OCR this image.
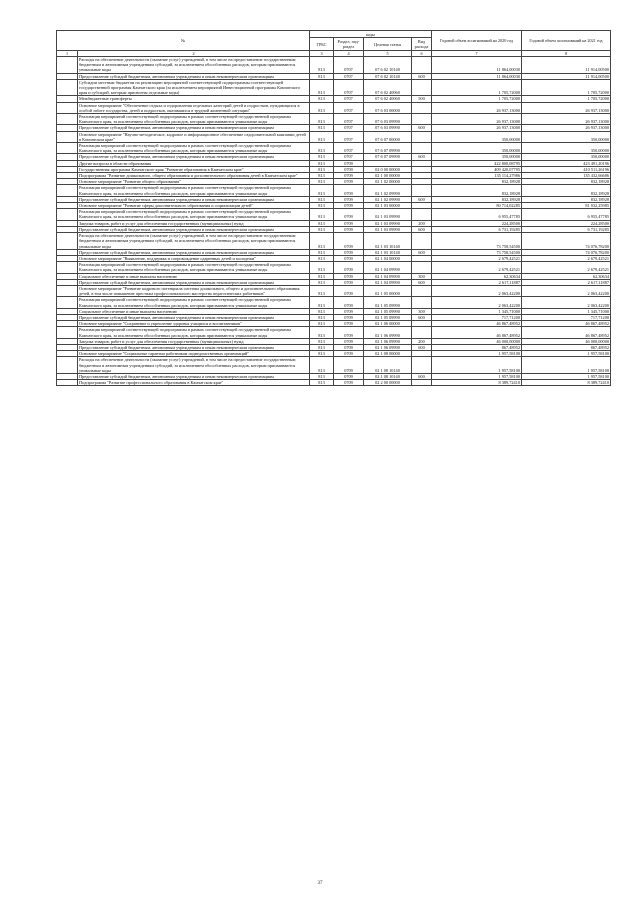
№		коды				Годовой объем ассигнований на 2020 год	Годовой объем ассигнований на 2021 год
		ГРБС	Раздел, под-раздел	Целевая статья	Вид расхода		
1	2	3	4	5	6	7	8
	Расходы на обеспечение деятельности (оказание услуг) учреждений, в том числе на предоставление государственным бюджетным и автономным учреждениям субсидий, за исключением обособленных расходов, которым присваиваются уникальные коды	813	0707	07 6 02 10140		11 864,00030	11 914,00500
	Предоставление субсидий бюджетным, автономным учреждениям и иным некоммерческим организациям	813	0707	07 6 02 10140	600	11 864,00030	11 914,00500
	Субсидии местным бюджетам на реализацию мероприятий соответствующей подпрограммы соответствующей государственной программы Камчатского края (за исключением мероприятий Инвестиционной программы Камчатского края и субсидий, которым присвоены отдельные коды)	813	0707	07 6 02 40060		1 705,72000	1 705,72000
	Межбюджетные трансферты	813	0707	07 6 02 40060	500	1 705,72000	1 705,72000
	Основное мероприятие "Обеспечение отдыха и оздоровления отдельных категорий детей и подростков, нуждающихся в особой заботе государства, детей и подростков, оказавшихся в трудной жизненной ситуации"	813	0707	07 6 03 00000		26 937,13000	26 937,13000
	Реализация мероприятий соответствующей подпрограммы в рамках соответствующей государственной программы Камчатского края, за исключением обособленных расходов, которым присваиваются уникальные коды	813	0707	07 6 03 09990		26 937,13000	26 937,13000
	Предоставление субсидий бюджетным, автономным учреждениям и иным некоммерческим организациям	813	0707	07 6 03 09990	600	26 937,13000	26 937,13000
	Основное мероприятие "Научно-методическое, кадровое и информационное обеспечение оздоровительной кампании детей в Камчатском крае"	813	0707	07 6 07 00000		350,00000	350,00000
	Реализация мероприятий соответствующей подпрограммы в рамках соответствующей государственной программы Камчатского края, за исключением обособленных расходов, которым присваиваются уникальные коды	813	0707	07 6 07 09990		350,00000	350,00000
	Предоставление субсидий бюджетным, автономным учреждениям и иным некоммерческим организациям	813	0707	07 6 07 09990	600	350,00000	350,00000
	Другие вопросы в области образования	813	0709			422 800,08795	423 491,20196
	Государственная программа Камчатского края "Развитие образования в Камчатском крае"	813	0709	02 0 00 00000		409 420,07795	410 511,26196
	Подпрограмма "Развитие дошкольного, общего образования и дополнительного образования детей в Камчатском крае"	813	0709	02 1 00 00000		135 114,27986	135 432,66686
	Основное мероприятие "Развитие общего образования"	813	0709	02 1 02 00000		832,18928	832,18928
	Реализация мероприятий соответствующей подпрограммы в рамках соответствующей государственной программы Камчатского края, за исключением обособленных расходов, которым присваиваются уникальные коды	813	0709	02 1 02 09990		832,18928	832,18928
	Предоставление субсидий бюджетным, автономным учреждениям и иным некоммерческим организациям	813	0709	02 1 02 09990	600	832,18928	832,18928
	Основное мероприятие "Развитие сферы дополнительного образования и социализации детей"	813	0709	02 1 03 00000		80 714,02285	81 032,25985
	Реализация мероприятий соответствующей подпрограммы в рамках соответствующей государственной программы Камчатского края, за исключением обособленных расходов, которым присваиваются уникальные коды	813	0709	02 1 03 09990		6 955,47785	6 955,47785
	Закупка товаров, работ и услуг для обеспечения государственных (муниципальных) нужд	813	0709	02 1 03 09990	200	224,28500	224,28500
	Предоставление субсидий бюджетным, автономным учреждениям и иным некоммерческим организациям	813	0709	02 1 03 09990	600	6 731,19285	6 731,19285
	Расходы на обеспечение деятельности (оказание услуг) учреждений, в том числе на предоставление государственным бюджетным и автономным учреждениям субсидий, за исключением обособленных расходов, которым присваиваются уникальные коды	813	0709	02 1 03 10140		73 758,54500	74 076,78200
	Предоставление субсидий бюджетным, автономным учреждениям и иным некоммерческим организациям	813	0709	02 1 03 10140	600	73 758,54500	74 076,78200
	Основное мероприятие "Выявление, поддержка и сопровождение одаренных детей и молодежи"	813	0709	02 1 04 00000		2 679,42521	2 679,42521
	Реализация мероприятий соответствующей подпрограммы в рамках соответствующей государственной программы Камчатского края, за исключением обособленных расходов, которым присваиваются уникальные коды	813	0709	02 1 04 09990		2 679,42521	2 679,42521
	Социальное обеспечение и иные выплаты населению	813	0709	02 1 04 09990	300	62,30634	62,30634
	Предоставление субсидий бюджетным, автономным учреждениям и иным некоммерческим организациям	813	0709	02 1 04 09990	600	2 617,11887	2 617,11887
	Основное мероприятие "Развитие кадрового потенциала системы дошкольного, общего и дополнительного образования детей, в том числе повышение престижа профессионального мастерства педагогических работников"	813	0709	02 1 05 00000		2 063,42200	2 063,42200
	Реализация мероприятий соответствующей подпрограммы в рамках соответствующей государственной программы Камчатского края, за исключением обособленных расходов, которым присваиваются уникальные коды	813	0709	02 1 05 09990		2 063,42200	2 063,42200
	Социальное обеспечение и иные выплаты населению	813	0709	02 1 05 09990	300	1 345,71000	1 345,71000
	Предоставление субсидий бюджетным, автономным учреждениям и иным некоммерческим организациям	813	0709	02 1 05 09990	600	717,71200	717,71200
	Основное мероприятие "Сохранение и укрепление здоровья учащихся и воспитанников"	813	0709	02 1 06 00000		46 867,48952	46 867,48952
	Реализация мероприятий соответствующей подпрограммы в рамках соответствующей государственной программы Камчатского края, за исключением обособленных расходов, которым присваиваются уникальные коды	813	0709	02 1 06 09990		46 867,48952	46 867,48952
	Закупка товаров, работ и услуг для обеспечения государственных (муниципальных) нужд	813	0709	02 1 06 09990	200	46 000,00000	46 000,00000
	Предоставление субсидий бюджетным, автономным учреждениям и иным некоммерческим организациям	813	0709	02 1 06 09990	600	867,48952	867,48952
	Основное мероприятие "Социальные гарантии работникам подведомственных организаций"	813	0709	02 1 08 00000		1 957,58100	1 957,58100
	Расходы на обеспечение деятельности (оказание услуг) учреждений, в том числе на предоставление государственным бюджетным и автономным учреждениям субсидий, за исключением обособленных расходов, которым присваиваются уникальные коды	813	0709	02 1 08 10140		1 957,58100	1 957,58100
	Предоставление субсидий бюджетным, автономным учреждениям и иным некоммерческим организациям	813	0709	02 1 08 10140	600	1 957,58100	1 957,58100
	Подпрограмма "Развитие профессионального образования в Камчатском крае"	813	0709	02 2 00 00000		8 389,72410	8 389,72410
37
